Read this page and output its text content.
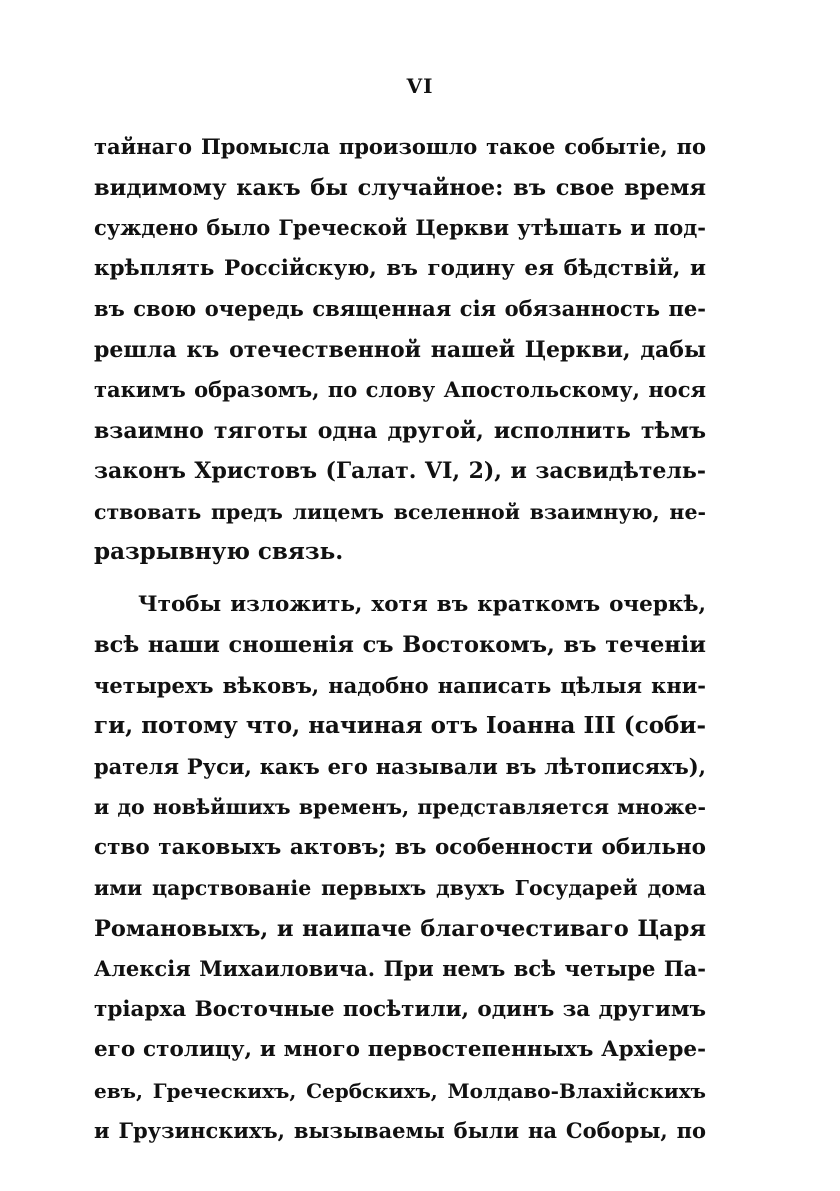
VI
тайнаго Промысла произошло такое событіе, по
видимому какъ бы случайное: въ свое время
суждено было Греческой Церкви утѣшать и под-
крѣплять Россійскую, въ годину ея бѣдствій, и
въ свою очередь священная сія обязанность пе-
решла къ отечественной нашей Церкви, дабы
такимъ образомъ, по слову Апостольскому, нося
взаимно тяготы одна другой, исполнить тѣмъ
законъ Христовъ (Галат. VI, 2), и засвидѣтель-
ствовать предъ лицемъ вселенной взаимную, не-
разрывную связь.
Чтобы изложить, хотя въ краткомъ очеркѣ,
всѣ наши сношенія съ Востокомъ, въ теченіи
четырехъ вѣковъ, надобно написать цѣлыя кни-
ги, потому что, начиная отъ Іоанна III (соби-
рателя Руси, какъ его называли въ лѣтописяхъ),
и до новѣйшихъ временъ, представляется множе-
ство таковыхъ актовъ; въ особенности обильно
ими царствованіе первыхъ двухъ Государей дома
Романовыхъ, и наипаче благочестиваго Царя
Алексія Михаиловича. При немъ всѣ четыре Па-
тріарха Восточные посѣтили, одинъ за другимъ
его столицу, и много первостепенныхъ Архіере-
евъ, Греческихъ, Сербскихъ, Молдаво-Влахійскихъ
и Грузинскихъ, вызываемы были на Соборы, по
